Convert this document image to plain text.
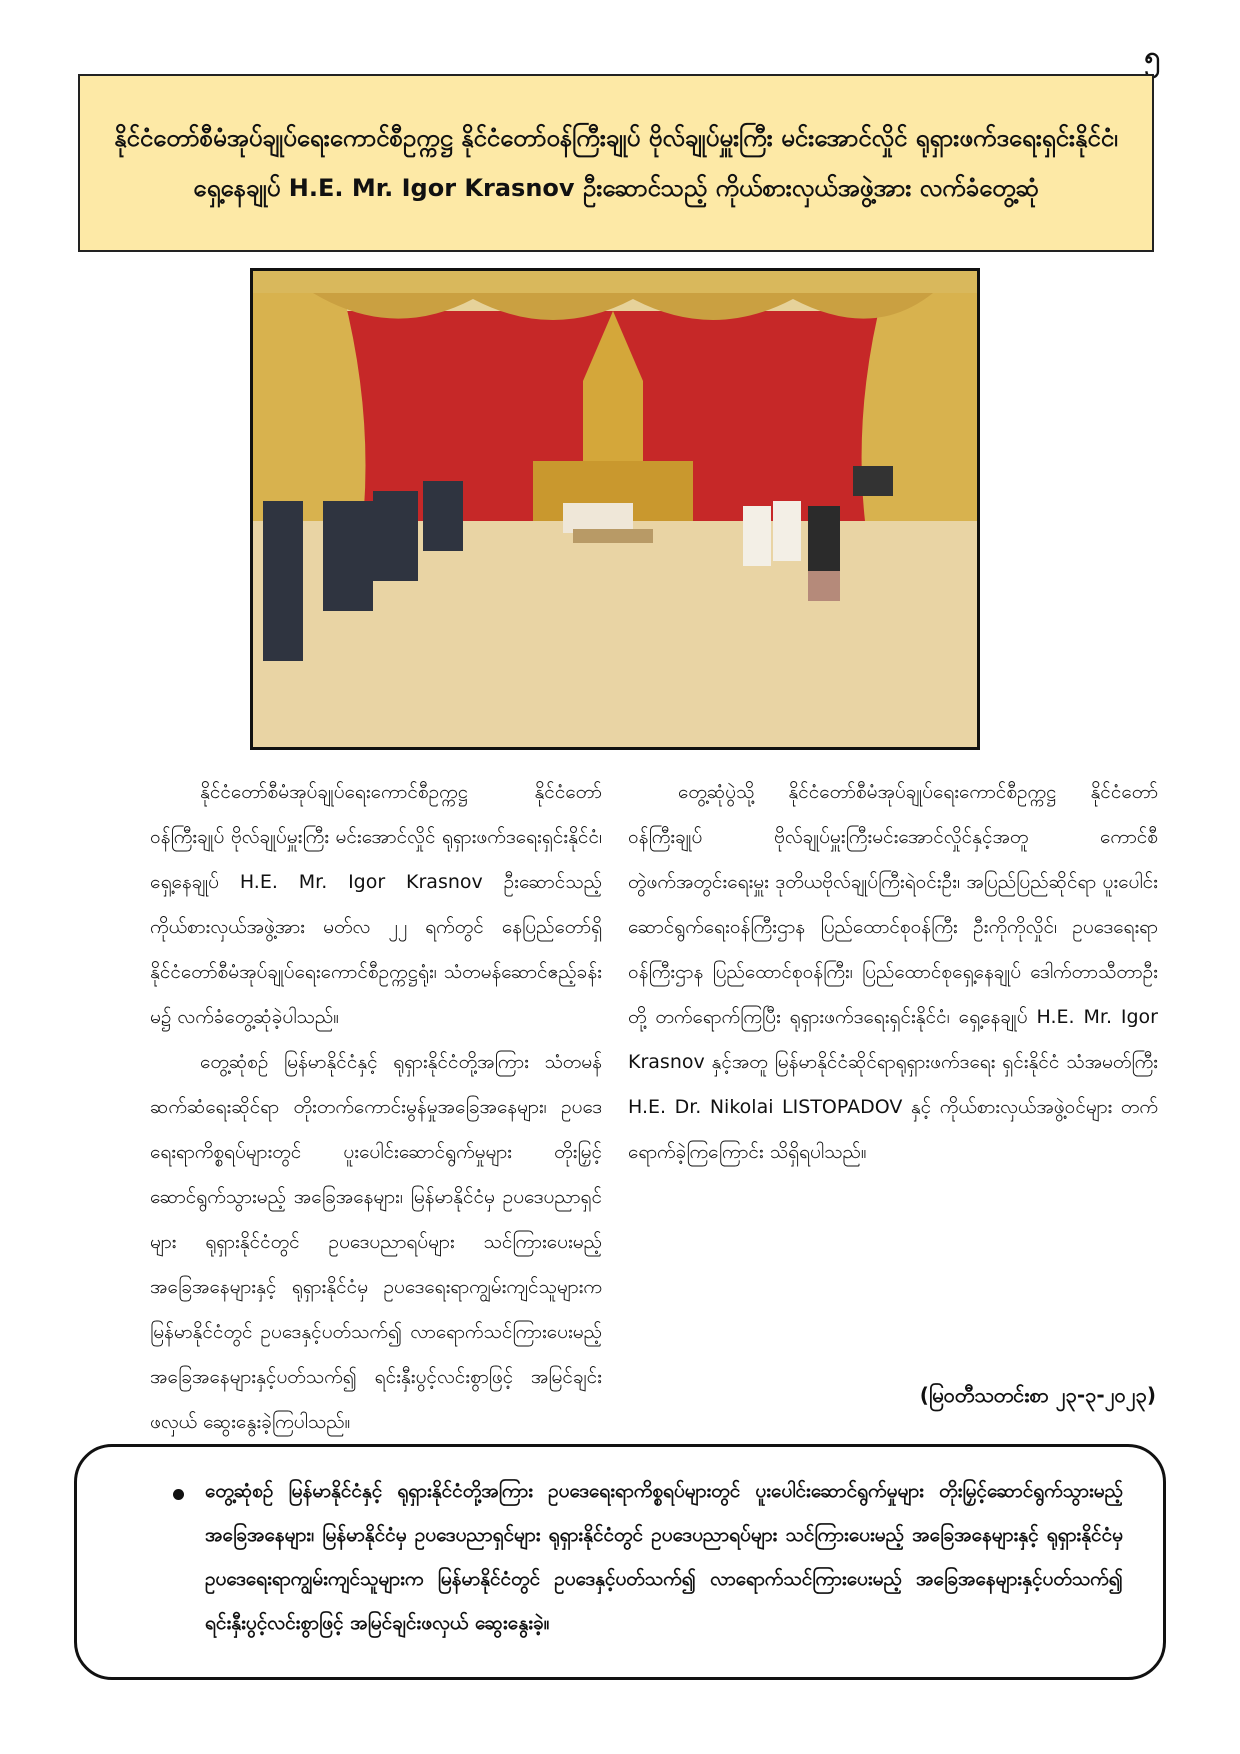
၅
နိုင်ငံတော်စီမံအုပ်ချုပ်ရေးကောင်စီဥက္ကဋ္ဌ နိုင်ငံတော်ဝန်ကြီးချုပ် ဗိုလ်ချုပ်မှူးကြီး မင်းအောင်လှိုင် ရုရှားဖက်ဒရေးရှင်းနိုင်ငံ၊ ရှေ့နေချုပ် H.E. Mr. Igor Krasnov ဦးဆောင်သည့် ကိုယ်စားလှယ်အဖွဲ့အား လက်ခံတွေ့ဆုံ

နိုင်ငံတော်စီမံအုပ်ချုပ်ရေးကောင်စီဥက္ကဋ္ဌ နိုင်ငံတော်ဝန်ကြီးချုပ် ဗိုလ်ချုပ်မှူးကြီး မင်းအောင်လှိုင် ရုရှားဖက်ဒရေးရှင်းနိုင်ငံ၊ ရှေ့နေချုပ် H.E. Mr. Igor Krasnov ဦးဆောင်သည့် ကိုယ်စားလှယ်အဖွဲ့အား မတ်လ ၂၂ ရက်တွင် နေပြည်တော်ရှိ နိုင်ငံတော်စီမံအုပ်ချုပ်ရေးကောင်စီဥက္ကဋ္ဌရုံး၊ သံတမန်ဆောင်ဧည့်ခန်းမ၌ လက်ခံတွေ့ဆုံခဲ့ပါသည်။

တွေ့ဆုံစဉ် မြန်မာနိုင်ငံနှင့် ရုရှားနိုင်ငံတို့အကြား သံတမန်ဆက်ဆံရေးဆိုင်ရာ တိုးတက်ကောင်းမွန်မှုအခြေအနေများ၊ ဥပဒေရေးရာကိစ္စရပ်များတွင် ပူးပေါင်းဆောင်ရွက်မှုများ တိုးမြှင့်ဆောင်ရွက်သွားမည့် အခြေအနေများ၊ မြန်မာနိုင်ငံမှ ဥပဒေပညာရှင်များ ရုရှားနိုင်ငံတွင် ဥပဒေပညာရပ်များ သင်ကြားပေးမည့် အခြေအနေများနှင့် ရုရှားနိုင်ငံမှ ဥပဒေရေးရာကျွမ်းကျင်သူများက မြန်မာနိုင်ငံတွင် ဥပဒေနှင့်ပတ်သက်၍ လာရောက်သင်ကြားပေးမည့် အခြေအနေများနှင့်ပတ်သက်၍ ရင်းနှီးပွင့်လင်းစွာဖြင့် အမြင်ချင်းဖလှယ် ဆွေးနွေးခဲ့ကြပါသည်။

တွေ့ဆုံပွဲသို့ နိုင်ငံတော်စီမံအုပ်ချုပ်ရေးကောင်စီဥက္ကဋ္ဌ နိုင်ငံတော်ဝန်ကြီးချုပ် ဗိုလ်ချုပ်မှူးကြီးမင်းအောင်လှိုင်နှင့်အတူ ကောင်စီတွဲဖက်အတွင်းရေးမှူး ဒုတိယဗိုလ်ချုပ်ကြီးရဲဝင်းဦး၊ အပြည်ပြည်ဆိုင်ရာ ပူးပေါင်းဆောင်ရွက်ရေးဝန်ကြီးဌာန ပြည်ထောင်စုဝန်ကြီး ဦးကိုကိုလှိုင်၊ ဥပဒေရေးရာဝန်ကြီးဌာန ပြည်ထောင်စုဝန်ကြီး၊ ပြည်ထောင်စုရှေ့နေချုပ် ဒေါက်တာသီတာဦးတို့ တက်ရောက်ကြပြီး ရုရှားဖက်ဒရေးရှင်းနိုင်ငံ၊ ရှေ့နေချုပ် H.E. Mr. Igor Krasnov နှင့်အတူ မြန်မာနိုင်ငံဆိုင်ရာရုရှားဖက်ဒရေး ရှင်းနိုင်ငံ သံအမတ်ကြီး H.E. Dr. Nikolai LISTOPADOV နှင့် ကိုယ်စားလှယ်အဖွဲ့ဝင်များ တက်ရောက်ခဲ့ကြကြောင်း သိရှိရပါသည်။

(မြဝတီသတင်းစာ ၂၃-၃-၂၀၂၃)

တွေ့ဆုံစဉ် မြန်မာနိုင်ငံနှင့် ရုရှားနိုင်ငံတို့အကြား ဥပဒေရေးရာကိစ္စရပ်များတွင် ပူးပေါင်းဆောင်ရွက်မှုများ တိုးမြှင့်ဆောင်ရွက်သွားမည့် အခြေအနေများ၊ မြန်မာနိုင်ငံမှ ဥပဒေပညာရှင်များ ရုရှားနိုင်ငံတွင် ဥပဒေပညာရပ်များ သင်ကြားပေးမည့် အခြေအနေများနှင့် ရုရှားနိုင်ငံမှ ဥပဒေရေးရာကျွမ်းကျင်သူများက မြန်မာနိုင်ငံတွင် ဥပဒေနှင့်ပတ်သက်၍ လာရောက်သင်ကြားပေးမည့် အခြေအနေများနှင့်ပတ်သက်၍ ရင်းနှီးပွင့်လင်းစွာဖြင့် အမြင်ချင်းဖလှယ် ဆွေးနွေးခဲ့။
